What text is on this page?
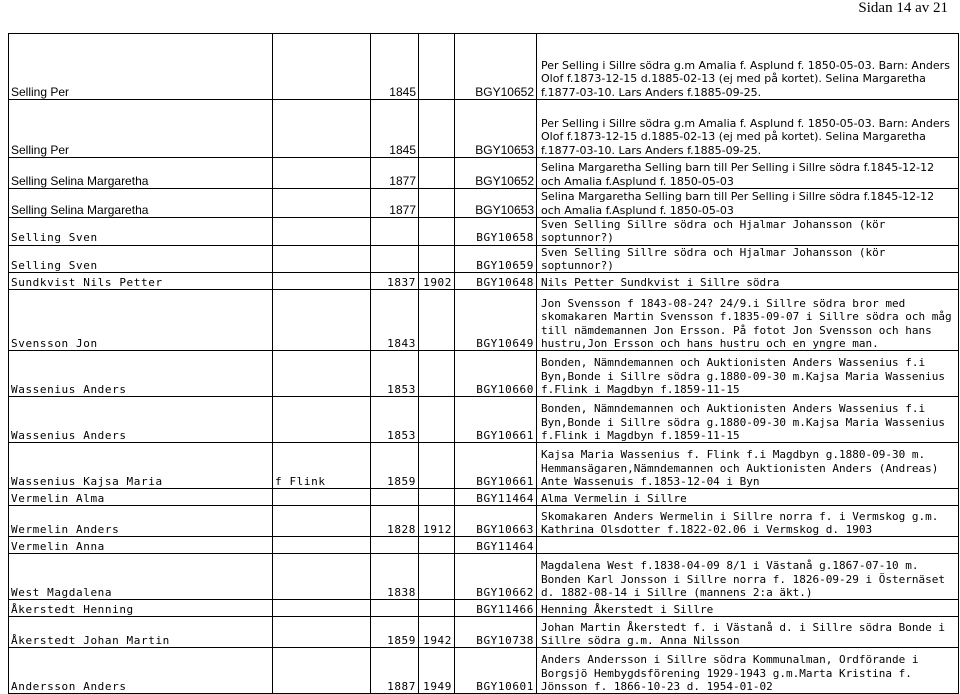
Sidan 14 av 21
Selling Per		1845		BGY10652	Per Selling i Sillre södra g.m Amalia f. Asplund f. 1850-05-03. Barn: Anders Olof f.1873-12-15 d.1885-02-13 (ej med på kortet). Selina Margaretha f.1877-03-10. Lars Anders f.1885-09-25.
Selling Per		1845		BGY10653	Per Selling i Sillre södra g.m Amalia f. Asplund f. 1850-05-03. Barn: Anders Olof f.1873-12-15 d.1885-02-13 (ej med på kortet). Selina Margaretha f.1877-03-10. Lars Anders f.1885-09-25.
Selling Selina Margaretha		1877		BGY10652	Selina Margaretha Selling barn till Per Selling i Sillre södra f.1845-12-12 och Amalia f.Asplund f. 1850-05-03
Selling Selina Margaretha		1877		BGY10653	Selina Margaretha Selling barn till Per Selling i Sillre södra f.1845-12-12 och Amalia f.Asplund f. 1850-05-03
Selling Sven				BGY10658	Sven Selling Sillre södra och Hjalmar Johansson (kör soptunnor?)
Selling Sven				BGY10659	Sven Selling Sillre södra och Hjalmar Johansson (kör soptunnor?)
Sundkvist Nils Petter		1837	1902	BGY10648	Nils Petter Sundkvist i Sillre södra
Svensson Jon		1843		BGY10649	Jon Svensson f 1843-08-24? 24/9.i Sillre södra bror med skomakaren Martin Svensson f.1835-09-07 i Sillre södra och måg till nämdemannen Jon Ersson. På fotot Jon Svensson och hans hustru,Jon Ersson och hans hustru och en yngre man.
Wassenius Anders		1853		BGY10660	Bonden, Nämndemannen och Auktionisten Anders Wassenius f.i Byn,Bonde i Sillre södra g.1880-09-30 m.Kajsa Maria Wassenius f.Flink i Magdbyn f.1859-11-15
Wassenius Anders		1853		BGY10661	Bonden, Nämndemannen och Auktionisten Anders Wassenius f.i Byn,Bonde i Sillre södra g.1880-09-30 m.Kajsa Maria Wassenius f.Flink i Magdbyn f.1859-11-15
Wassenius Kajsa Maria	f Flink	1859		BGY10661	Kajsa Maria Wassenius f. Flink f.i Magdbyn g.1880-09-30 m. Hemmansägaren,Nämndemannen och Auktionisten Anders (Andreas) Ante Wassenuis f.1853-12-04 i Byn
Vermelin Alma				BGY11464	Alma Vermelin i Sillre
Wermelin Anders		1828	1912	BGY10663	Skomakaren Anders Wermelin i Sillre norra f. i Vermskog g.m. Kathrina Olsdotter f.1822-02.06 i Vermskog d. 1903
Vermelin Anna				BGY11464	
West Magdalena		1838		BGY10662	Magdalena West f.1838-04-09 8/1 i Västanå g.1867-07-10 m. Bonden Karl Jonsson i Sillre norra f. 1826-09-29 i Östernäset d. 1882-08-14 i Sillre (mannens 2:a äkt.)
Åkerstedt Henning				BGY11466	Henning Åkerstedt i Sillre
Åkerstedt Johan Martin		1859	1942	BGY10738	Johan Martin Åkerstedt f. i Västanå d. i Sillre södra Bonde i Sillre södra g.m. Anna Nilsson
Andersson Anders		1887	1949	BGY10601	Anders Andersson i Sillre södra Kommunalman, Ordförande i Borgsjö Hembygdsförening 1929-1943 g.m.Marta Kristina f. Jönsson f. 1866-10-23 d. 1954-01-02
